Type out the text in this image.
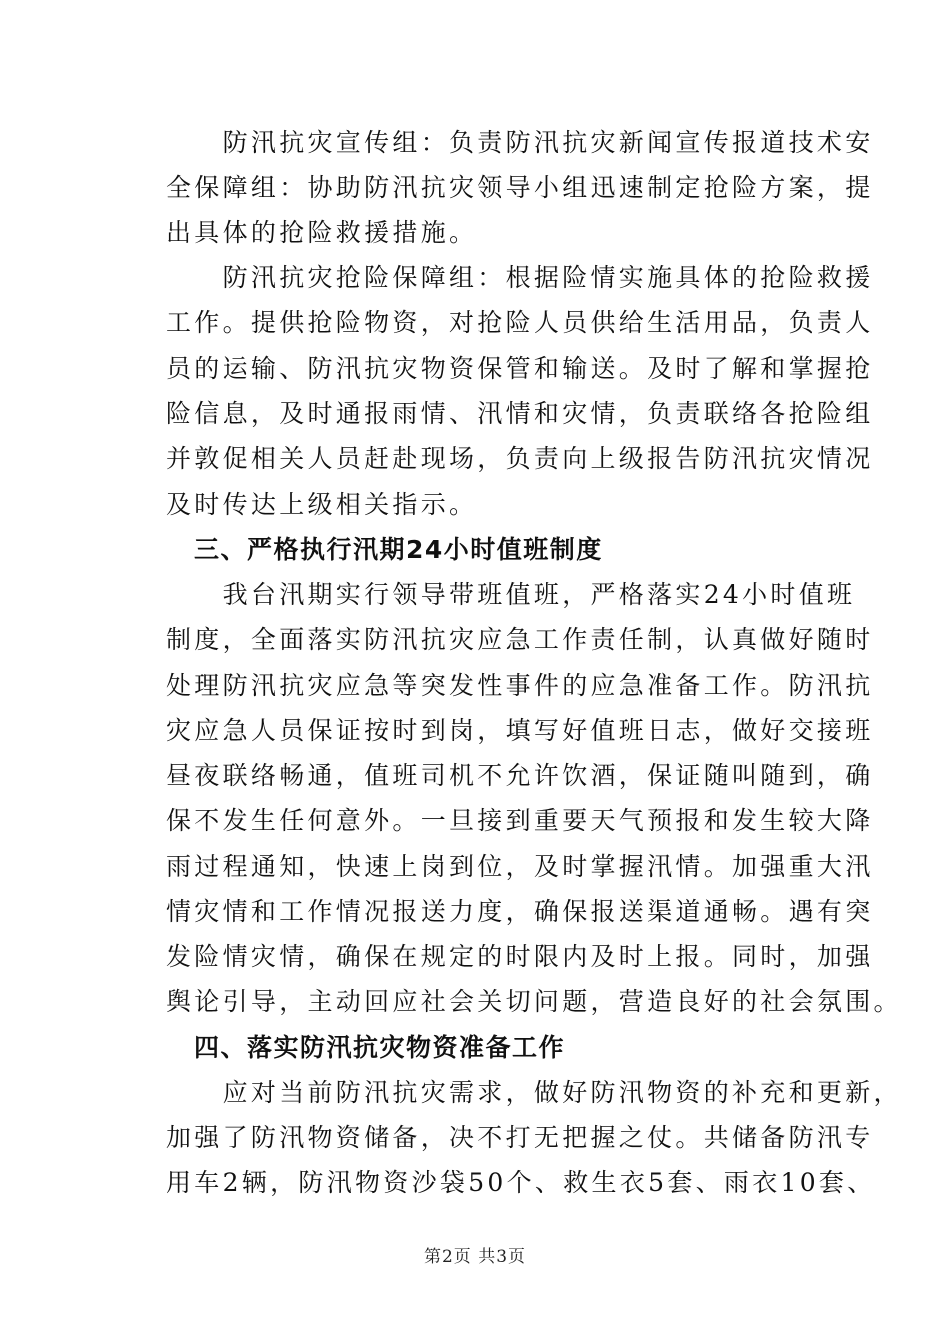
　　防汛抗灾宣传组：负责防汛抗灾新闻宣传报道技术安
全保障组：协助防汛抗灾领导小组迅速制定抢险方案，提
出具体的抢险救援措施。
　　防汛抗灾抢险保障组：根据险情实施具体的抢险救援
工作。提供抢险物资，对抢险人员供给生活用品，负责人
员的运输、防汛抗灾物资保管和输送。及时了解和掌握抢
险信息，及时通报雨情、汛情和灾情，负责联络各抢险组
并敦促相关人员赶赴现场，负责向上级报告防汛抗灾情况
及时传达上级相关指示。
三、严格执行汛期24小时值班制度
　　我台汛期实行领导带班值班，严格落实24小时值班
制度，全面落实防汛抗灾应急工作责任制，认真做好随时
处理防汛抗灾应急等突发性事件的应急准备工作。防汛抗
灾应急人员保证按时到岗，填写好值班日志，做好交接班
昼夜联络畅通，值班司机不允许饮酒，保证随叫随到，确
保不发生任何意外。一旦接到重要天气预报和发生较大降
雨过程通知，快速上岗到位，及时掌握汛情。加强重大汛
情灾情和工作情况报送力度，确保报送渠道通畅。遇有突
发险情灾情，确保在规定的时限内及时上报。同时，加强
舆论引导，主动回应社会关切问题，营造良好的社会氛围。
四、落实防汛抗灾物资准备工作
　　应对当前防汛抗灾需求，做好防汛物资的补充和更新，
加强了防汛物资储备，决不打无把握之仗。共储备防汛专
用车2辆，防汛物资沙袋50个、救生衣5套、雨衣10套、
第2页 共3页
